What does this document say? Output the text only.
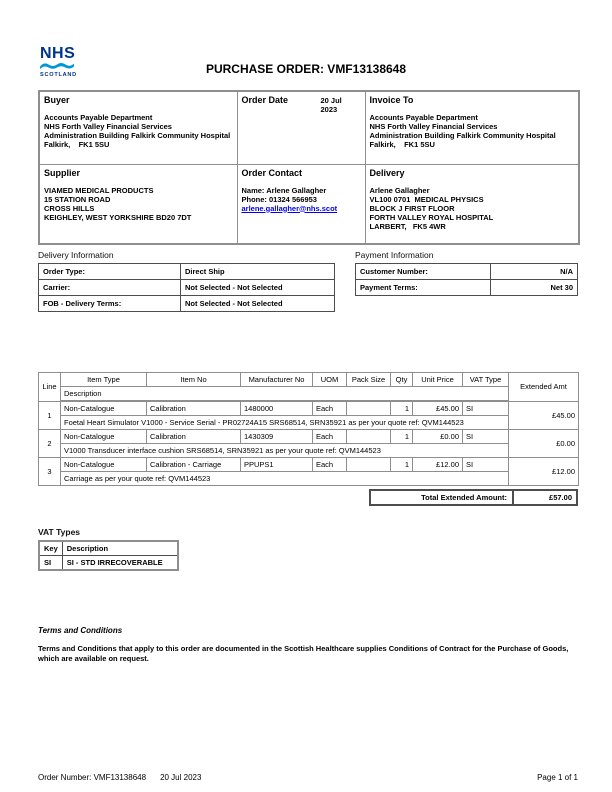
NHS
SCOTLAND	PURCHASE ORDER: VMF13138648
Buyer
Accounts Payable Department
NHS Forth Valley Financial Services
Administration Building Falkirk Community Hospital
Falkirk,    FK1 5SU

Order Date	20 Jul 2023

Invoice To
Accounts Payable Department
NHS Forth Valley Financial Services
Administration Building Falkirk Community Hospital
Falkirk,    FK1 5SU

Supplier
VIAMED MEDICAL PRODUCTS
15 STATION ROAD
CROSS HILLS
KEIGHLEY, WEST YORKSHIRE BD20 7DT

Order Contact
Name: Arlene Gallagher
Phone: 01324 566953
arlene.gallagher@nhs.scot

Delivery
Arlene Gallagher
VL100 0701  MEDICAL PHYSICS
BLOCK J FIRST FLOOR
FORTH VALLEY ROYAL HOSPITAL
LARBERT,   FK5 4WR
Delivery Information
Order Type:	Direct Ship
Carrier:	Not Selected - Not Selected
FOB - Delivery Terms:	Not Selected - Not Selected
Payment Information
Customer Number:	N/A
Payment Terms:	Net 30
Line	Item Type	Item No	Manufacturer No	UOM	Pack Size	Qty	Unit Price	VAT Type	Extended Amt
	Description								
1	Non-Catalogue	Calibration	1480000	Each		1	£45.00	SI	£45.00
	Foetal Heart Simulator V1000 - Service Serial - PR02724A15 SRS68514, SRN35921 as per your quote ref: QVM144523								
2	Non-Catalogue	Calibration	1430309	Each		1	£0.00	SI	£0.00
	V1000 Transducer interface cushion SRS68514, SRN35921 as per your quote ref: QVM144523								
3	Non-Catalogue	Calibration - Carriage	PPUPS1	Each		1	£12.00	SI	£12.00
	Carriage as per your quote ref: QVM144523								
Total Extended Amount:	£57.00
VAT Types
Key	Description
SI	SI - STD IRRECOVERABLE
Terms and Conditions
Terms and Conditions that apply to this order are documented in the Scottish Healthcare supplies Conditions of Contract for the Purchase of Goods, which are available on request.
Order Number: VMF13138648 20 Jul 2023	Page 1 of 1
